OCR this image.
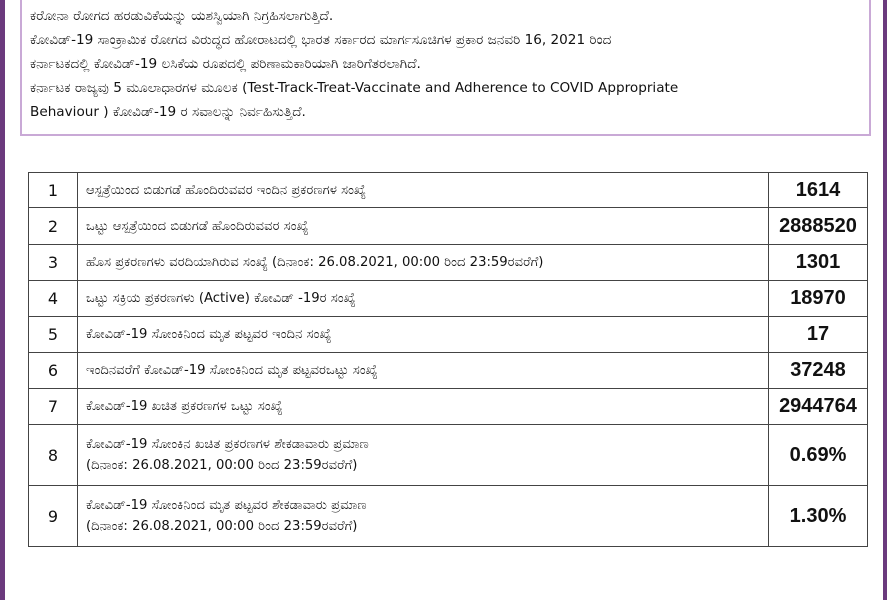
ಕರೋನಾ ರೋಗದ ಹರಡುವಿಕೆಯನ್ನು ಯಶಸ್ವಿಯಾಗಿ ನಿಗ್ರಹಿಸಲಾಗುತ್ತಿದೆ.
ಕೋವಿಡ್-19 ಸಾಂಕ್ರಾಮಿಕ ರೋಗದ ವಿರುದ್ಧದ ಹೋರಾಟದಲ್ಲಿ ಭಾರತ ಸರ್ಕಾರದ ಮಾರ್ಗಸೂಚಿಗಳ ಪ್ರಕಾರ ಜನವರಿ 16, 2021 ರಿಂದ
ಕರ್ನಾಟಕದಲ್ಲಿ ಕೋವಿಡ್-19 ಲಸಿಕೆಯ ರೂಪದಲ್ಲಿ ಪರಿಣಾಮಕಾರಿಯಾಗಿ ಜಾರಿಗೆತರಲಾಗಿದೆ.
ಕರ್ನಾಟಕ ರಾಜ್ಯವು 5 ಮೂಲಾಧಾರಗಳ ಮೂಲಕ (Test-Track-Treat-Vaccinate and Adherence to COVID Appropriate
Behaviour ) ಕೋವಿಡ್-19 ರ ಸವಾಲನ್ನು ನಿರ್ವಹಿಸುತ್ತಿದೆ.
1	ಆಸ್ಪತ್ರೆಯಿಂದ ಬಿಡುಗಡೆ ಹೊಂದಿರುವವರ ಇಂದಿನ ಪ್ರಕರಣಗಳ ಸಂಖ್ಯೆ	1614
2	ಒಟ್ಟು ಆಸ್ಪತ್ರೆಯಿಂದ ಬಿಡುಗಡೆ ಹೊಂದಿರುವವರ ಸಂಖ್ಯೆ	2888520
3	ಹೊಸ ಪ್ರಕರಣಗಳು ವರದಿಯಾಗಿರುವ ಸಂಖ್ಯೆ (ದಿನಾಂಕ: 26.08.2021, 00:00 ರಿಂದ 23:59ರವರೆಗೆ)	1301
4	ಒಟ್ಟು ಸಕ್ರಿಯ ಪ್ರಕರಣಗಳು (Active) ಕೋವಿಡ್ -19ರ ಸಂಖ್ಯೆ	18970
5	ಕೋವಿಡ್-19 ಸೋಂಕಿನಿಂದ ಮೃತ ಪಟ್ಟವರ ಇಂದಿನ ಸಂಖ್ಯೆ	17
6	ಇಂದಿನವರೆಗೆ ಕೋವಿಡ್-19 ಸೋಂಕಿನಿಂದ ಮೃತ ಪಟ್ಟವರಒಟ್ಟು ಸಂಖ್ಯೆ	37248
7	ಕೋವಿಡ್-19 ಖಚಿತ ಪ್ರಕರಣಗಳ ಒಟ್ಟು ಸಂಖ್ಯೆ	2944764
8	ಕೋವಿಡ್-19 ಸೋಂಕಿನ ಖಚಿತ ಪ್ರಕರಣಗಳ ಶೇಕಡಾವಾರು ಪ್ರಮಾಣ
(ದಿನಾಂಕ: 26.08.2021, 00:00 ರಿಂದ 23:59ರವರೆಗೆ)	0.69%
9	ಕೋವಿಡ್-19 ಸೋಂಕಿನಿಂದ ಮೃತ ಪಟ್ಟವರ ಶೇಕಡಾವಾರು ಪ್ರಮಾಣ
(ದಿನಾಂಕ: 26.08.2021, 00:00 ರಿಂದ 23:59ರವರೆಗೆ)	1.30%
